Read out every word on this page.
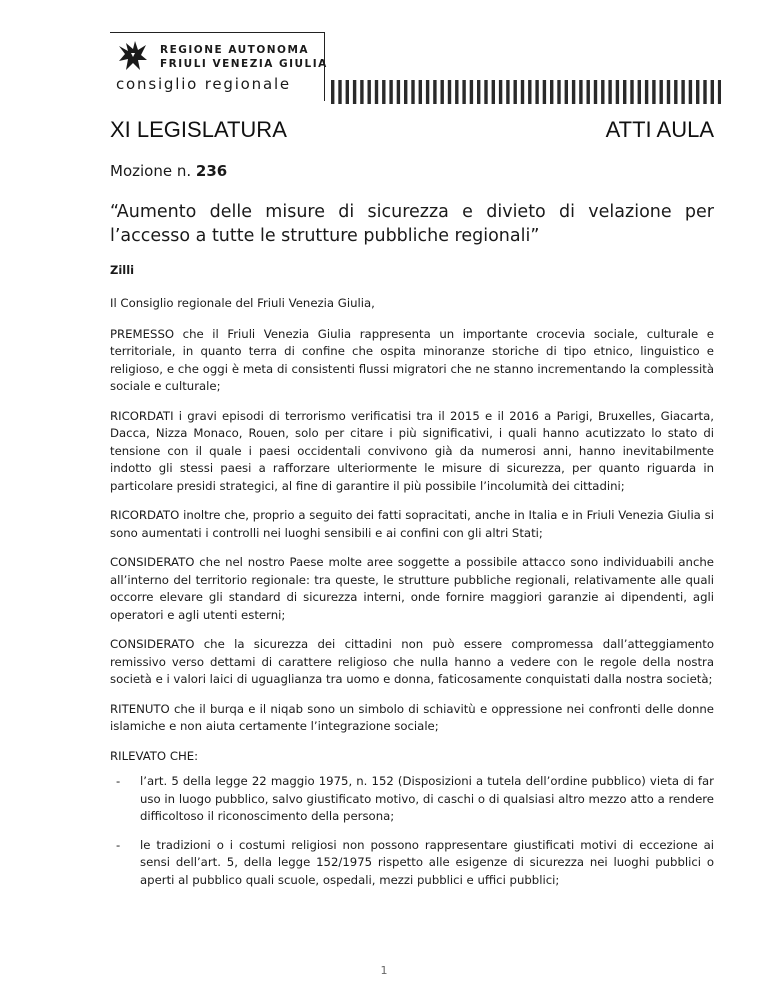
REGIONE AUTONOMA
FRIULI VENEZIA GIULIA
consiglio regionale
XI LEGISLATURA	ATTI AULA
Mozione n. 236
“Aumento delle misure di sicurezza e divieto di velazione per l’accesso a tutte le strutture pubbliche regionali”
Zilli

Il Consiglio regionale del Friuli Venezia Giulia,

PREMESSO che il Friuli Venezia Giulia rappresenta un importante crocevia sociale, culturale e territoriale, in quanto terra di confine che ospita minoranze storiche di tipo etnico, linguistico e religioso, e che oggi è meta di consistenti flussi migratori che ne stanno incrementando la complessità sociale e culturale;

RICORDATI i gravi episodi di terrorismo verificatisi tra il 2015 e il 2016 a Parigi, Bruxelles, Giacarta, Dacca, Nizza Monaco, Rouen, solo per citare i più significativi, i quali hanno acutizzato lo stato di tensione con il quale i paesi occidentali convivono già da numerosi anni, hanno inevitabilmente indotto gli stessi paesi a rafforzare ulteriormente le misure di sicurezza, per quanto riguarda in particolare presidi strategici, al fine di garantire il più possibile l’incolumità dei cittadini;

RICORDATO inoltre che, proprio a seguito dei fatti sopracitati, anche in Italia e in Friuli Venezia Giulia si sono aumentati i controlli nei luoghi sensibili e ai confini con gli altri Stati;

CONSIDERATO che nel nostro Paese molte aree soggette a possibile attacco sono individuabili anche all’interno del territorio regionale: tra queste, le strutture pubbliche regionali, relativamente alle quali occorre elevare gli standard di sicurezza interni, onde fornire maggiori garanzie ai dipendenti, agli operatori e agli utenti esterni;

CONSIDERATO che la sicurezza dei cittadini non può essere compromessa dall’atteggiamento remissivo verso dettami di carattere religioso che nulla hanno a vedere con le regole della nostra società e i valori laici di uguaglianza tra uomo e donna, faticosamente conquistati dalla nostra società;

RITENUTO che il burqa e il niqab sono un simbolo di schiavitù e oppressione nei confronti delle donne islamiche e non aiuta certamente l’integrazione sociale;

RILEVATO CHE:

- l’art. 5 della legge 22 maggio 1975, n. 152 (Disposizioni a tutela dell’ordine pubblico) vieta di far uso in luogo pubblico, salvo giustificato motivo, di caschi o di qualsiasi altro mezzo atto a rendere difficoltoso il riconoscimento della persona;
- le tradizioni o i costumi religiosi non possono rappresentare giustificati motivi di eccezione ai sensi dell’art. 5, della legge 152/1975 rispetto alle esigenze di sicurezza nei luoghi pubblici o aperti al pubblico quali scuole, ospedali, mezzi pubblici e uffici pubblici;
1
